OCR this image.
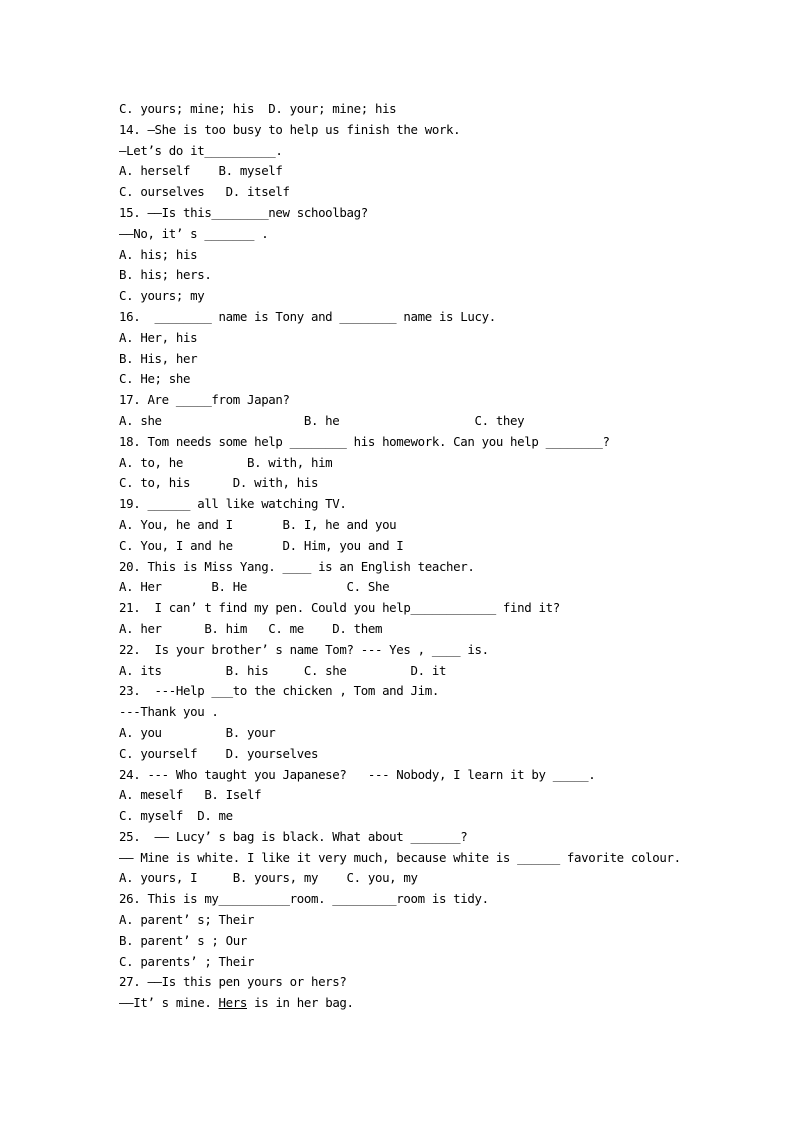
C. yours; mine; his  D. your; mine; his
14. —She is too busy to help us finish the work.
—Let’s do it__________.
A. herself    B. myself
C. ourselves   D. itself
15. ——Is this________new schoolbag?
——No, it’ s _______ .
A. his; his
B. his; hers.
C. yours; my
16.  ________ name is Tony and ________ name is Lucy.
A. Her, his
B. His, her
C. He; she
17. Are _____from Japan?
A. she                    B. he                   C. they
18. Tom needs some help ________ his homework. Can you help ________?
A. to, he         B. with, him
C. to, his      D. with, his
19. ______ all like watching TV.
A. You, he and I       B. I, he and you
C. You, I and he       D. Him, you and I
20. This is Miss Yang. ____ is an English teacher.
A. Her       B. He              C. She
21.  I can’ t find my pen. Could you help____________ find it?
A. her      B. him   C. me    D. them
22.  Is your brother’ s name Tom? --- Yes , ____ is.
A. its         B. his     C. she         D. it
23.  ---Help ___to the chicken , Tom and Jim.
---Thank you .
A. you         B. your
C. yourself    D. yourselves
24. --- Who taught you Japanese?   --- Nobody, I learn it by _____.
A. meself   B. Iself
C. myself  D. me
25.  —— Lucy’ s bag is black. What about _______?
—— Mine is white. I like it very much, because white is ______ favorite colour.
A. yours, I     B. yours, my    C. you, my
26. This is my__________room. _________room is tidy.
A. parent’ s; Their
B. parent’ s ; Our
C. parents’ ; Their
27. ——Is this pen yours or hers?
——It’ s mine. Hers is in her bag.
